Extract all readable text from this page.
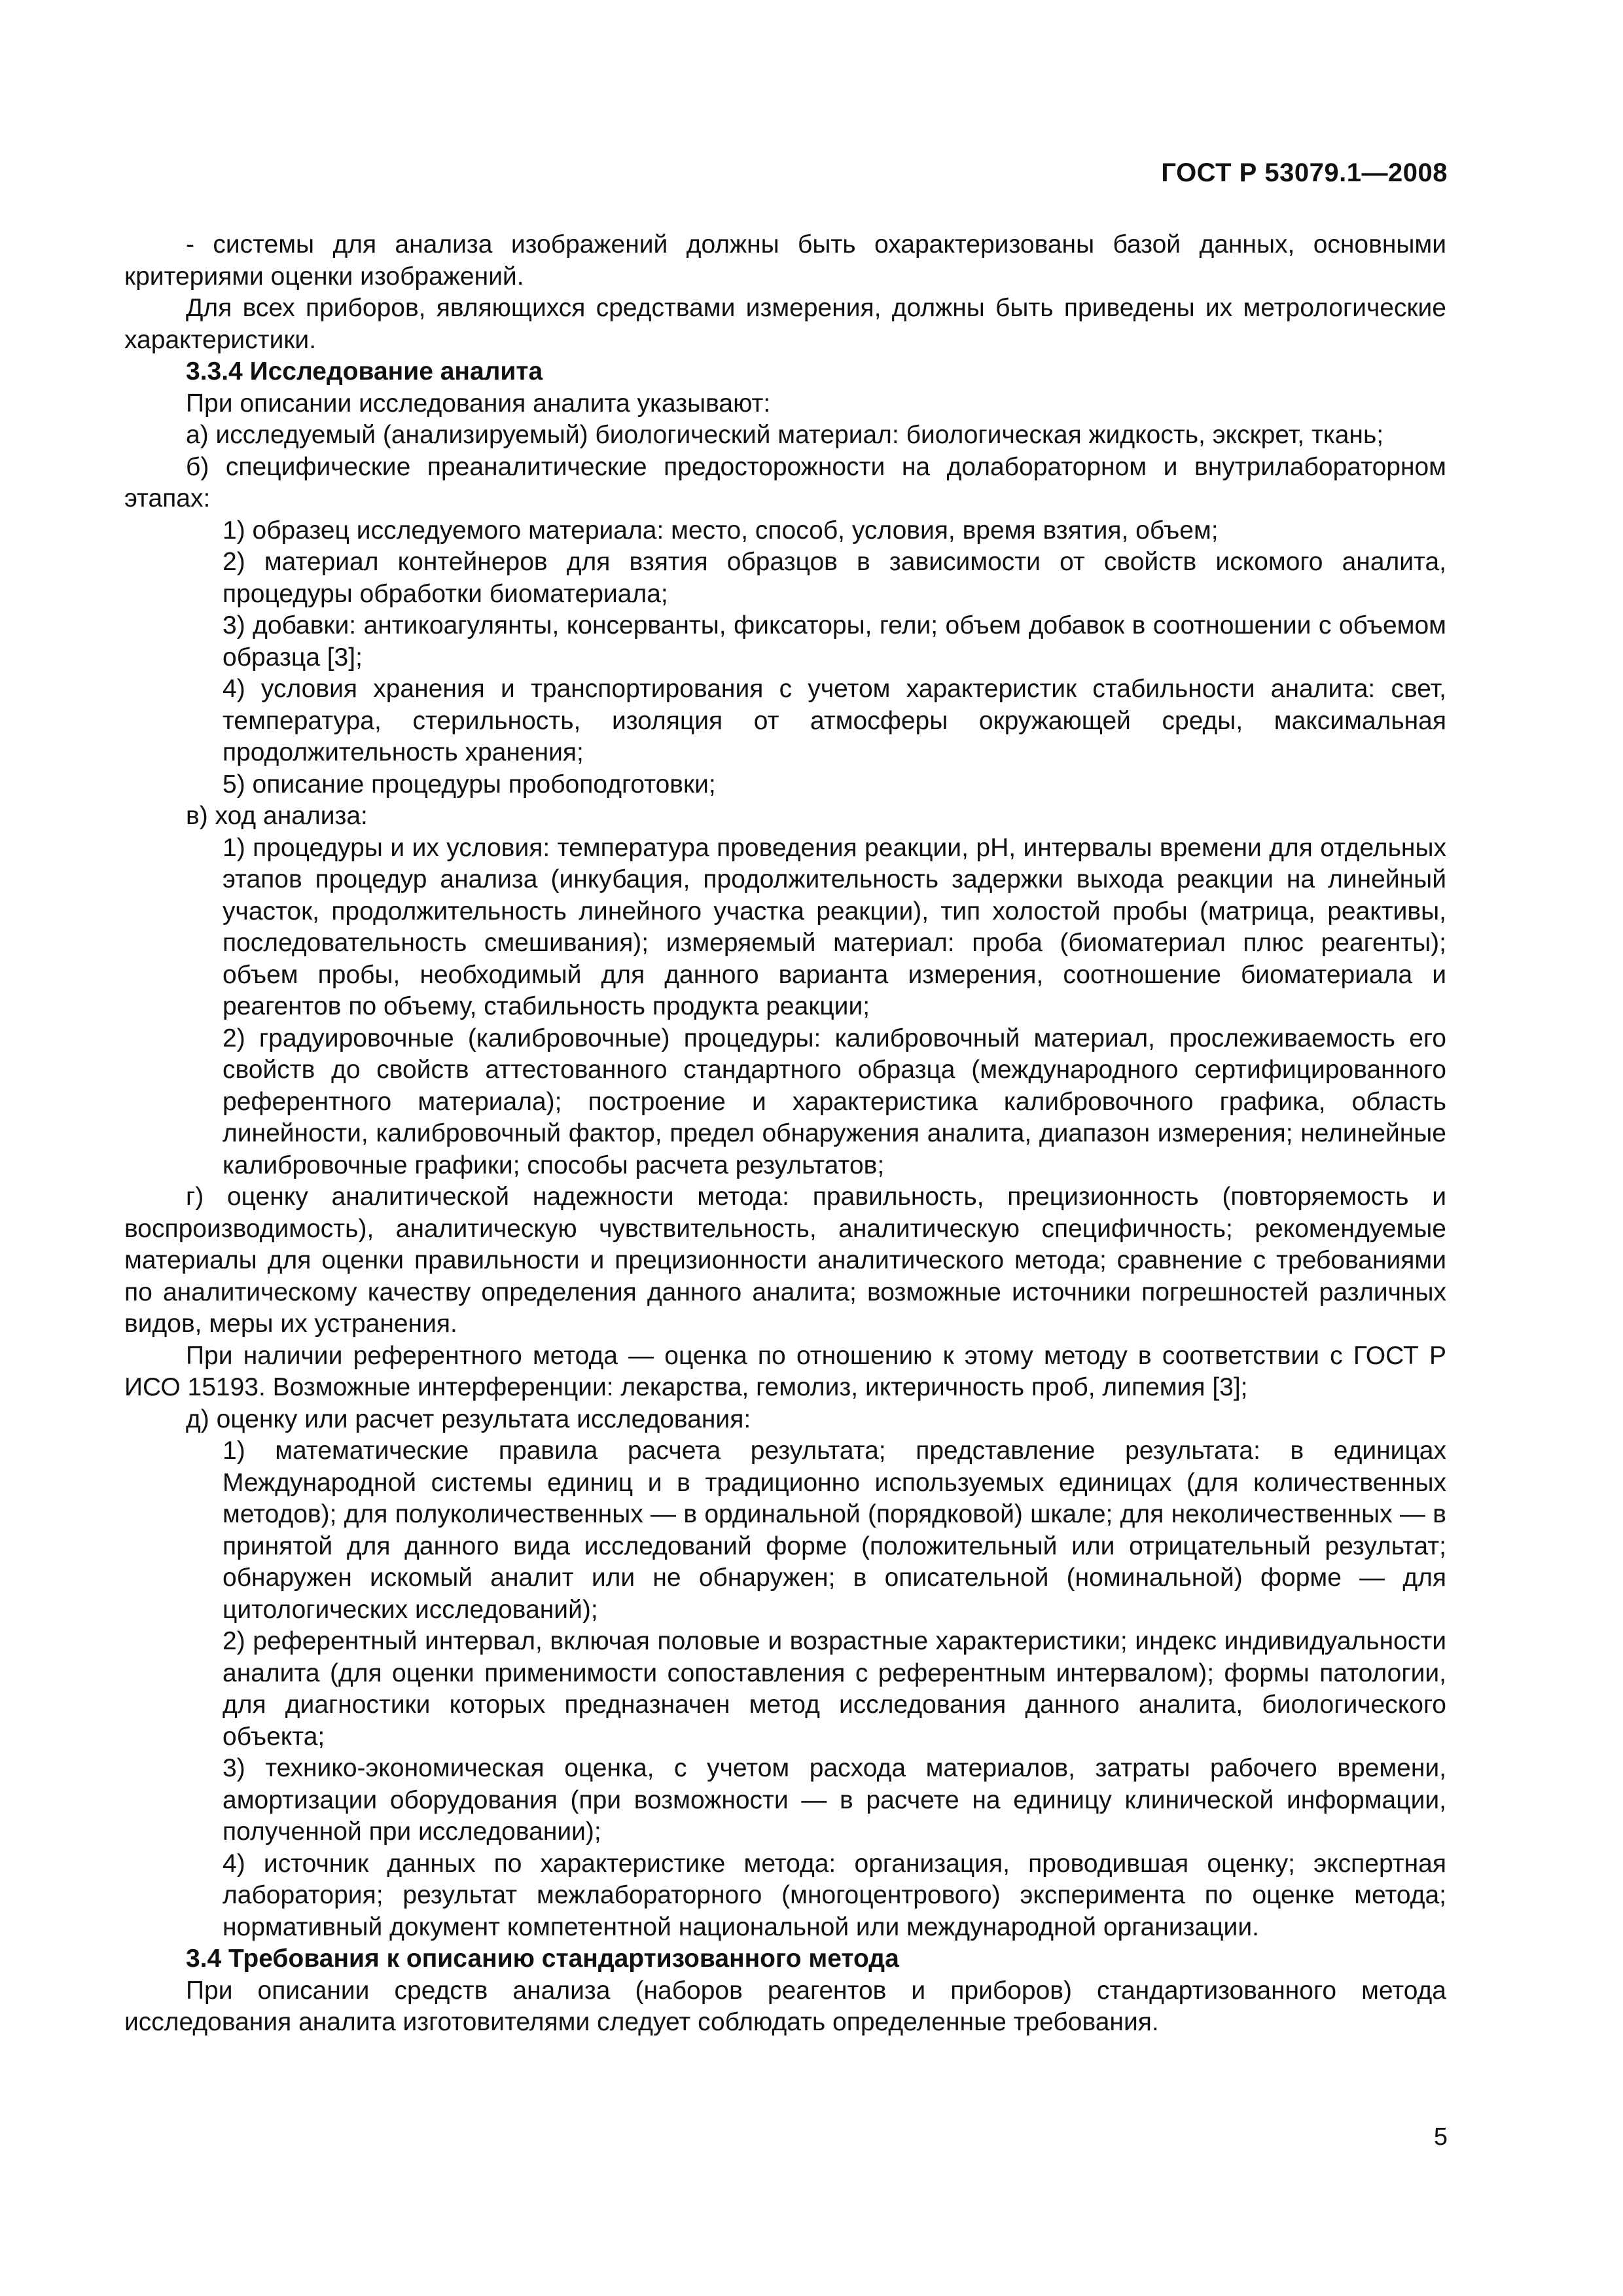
ГОСТ Р 53079.1—2008

- системы для анализа изображений должны быть охарактеризованы базой данных, основными критериями оценки изображений.

Для всех приборов, являющихся средствами измерения, должны быть приведены их метрологические характеристики.

3.3.4 Исследование аналита

При описании исследования аналита указывают:

а) исследуемый (анализируемый) биологический материал: биологическая жидкость, экскрет, ткань;

б) специфические преаналитические предосторожности на долабораторном и внутрилабораторном этапах:

1) образец исследуемого материала: место, способ, условия, время взятия, объем;

2) материал контейнеров для взятия образцов в зависимости от свойств искомого аналита, процедуры обработки биоматериала;

3) добавки: антикоагулянты, консерванты, фиксаторы, гели; объем добавок в соотношении с объемом образца [3];

4) условия хранения и транспортирования с учетом характеристик стабильности аналита: свет, температура, стерильность, изоляция от атмосферы окружающей среды, максимальная продолжительность хранения;

5) описание процедуры пробоподготовки;

в) ход анализа:

1) процедуры и их условия: температура проведения реакции, pH, интервалы времени для отдельных этапов процедур анализа (инкубация, продолжительность задержки выхода реакции на линейный участок, продолжительность линейного участка реакции), тип холостой пробы (матрица, реактивы, последовательность смешивания); измеряемый материал: проба (биоматериал плюс реагенты); объем пробы, необходимый для данного варианта измерения, соотношение биоматериала и реагентов по объему, стабильность продукта реакции;

2) градуировочные (калибровочные) процедуры: калибровочный материал, прослеживаемость его свойств до свойств аттестованного стандартного образца (международного сертифицированного референтного материала); построение и характеристика калибровочного графика, область линейности, калибровочный фактор, предел обнаружения аналита, диапазон измерения; нелинейные калибровочные графики; способы расчета результатов;

г) оценку аналитической надежности метода: правильность, прецизионность (повторяемость и воспроизводимость), аналитическую чувствительность, аналитическую специфичность; рекомендуемые материалы для оценки правильности и прецизионности аналитического метода; сравнение с требованиями по аналитическому качеству определения данного аналита; возможные источники погрешностей различных видов, меры их устранения.

При наличии референтного метода — оценка по отношению к этому методу в соответствии с ГОСТ Р ИСО 15193. Возможные интерференции: лекарства, гемолиз, иктеричность проб, липемия [3];

д) оценку или расчет результата исследования:

1) математические правила расчета результата; представление результата: в единицах Международной системы единиц и в традиционно используемых единицах (для количественных методов); для полуколичественных — в ординальной (порядковой) шкале; для неколичественных — в принятой для данного вида исследований форме (положительный или отрицательный результат; обнаружен искомый аналит или не обнаружен; в описательной (номинальной) форме — для цитологических исследований);

2) референтный интервал, включая половые и возрастные характеристики; индекс индивидуальности аналита (для оценки применимости сопоставления с референтным интервалом); формы патологии, для диагностики которых предназначен метод исследования данного аналита, биологического объекта;

3) технико-экономическая оценка, с учетом расхода материалов, затраты рабочего времени, амортизации оборудования (при возможности — в расчете на единицу клинической информации, полученной при исследовании);

4) источник данных по характеристике метода: организация, проводившая оценку; экспертная лаборатория; результат межлабораторного (многоцентрового) эксперимента по оценке метода; нормативный документ компетентной национальной или международной организации.

3.4 Требования к описанию стандартизованного метода

При описании средств анализа (наборов реагентов и приборов) стандартизованного метода исследования аналита изготовителями следует соблюдать определенные требования.

5
